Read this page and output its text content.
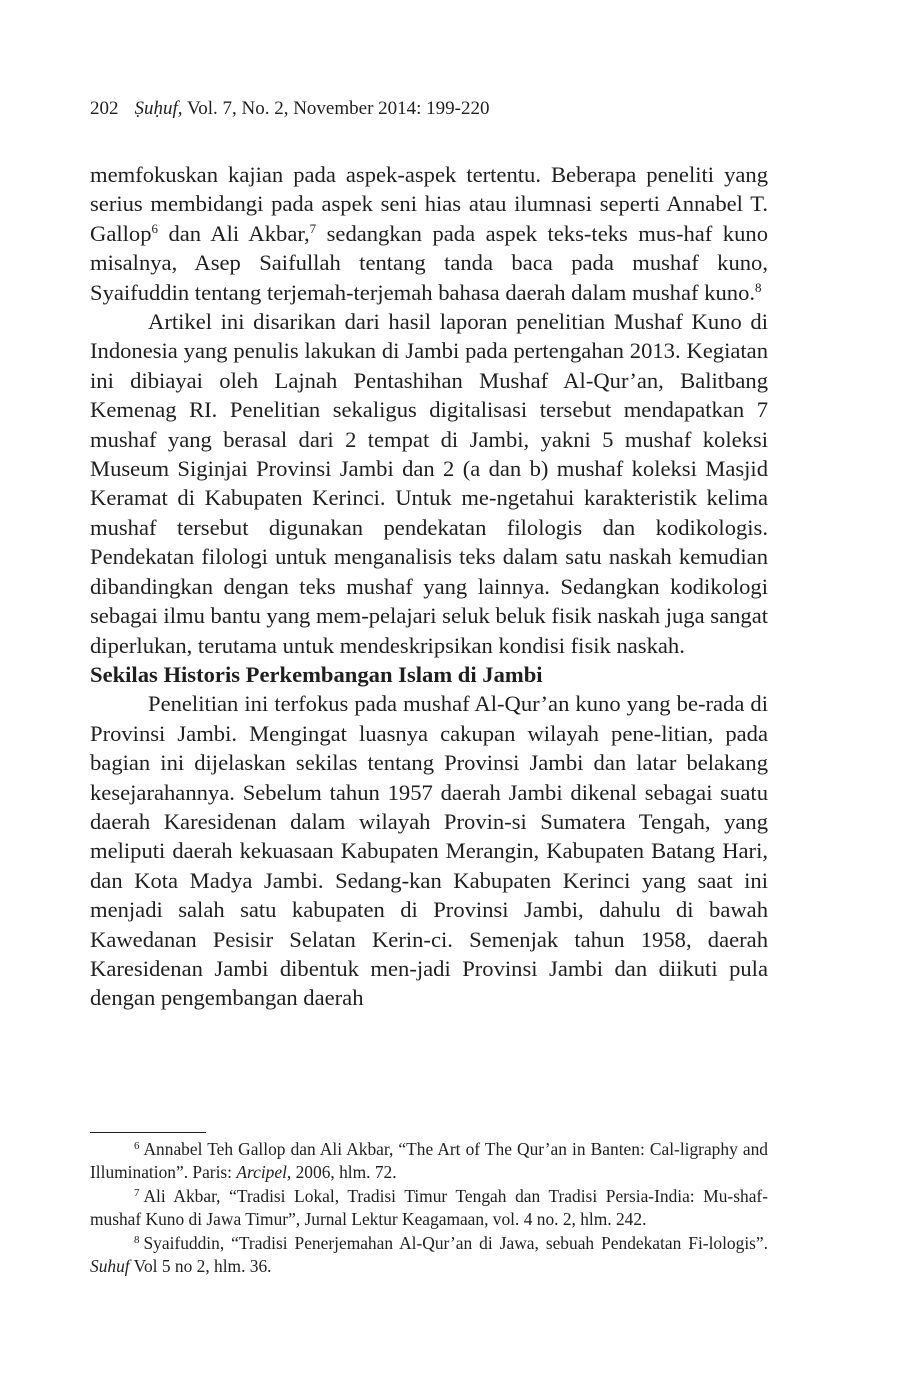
202 Ṣuḥuf, Vol. 7, No. 2, November 2014: 199-220

memfokuskan kajian pada aspek-aspek tertentu. Beberapa peneliti yang serius membidangi pada aspek seni hias atau ilumnasi seperti Annabel T. Gallop$^6$ dan Ali Akbar,$^7$ sedangkan pada aspek teks-teks mus-haf kuno misalnya, Asep Saifullah tentang tanda baca pada mushaf kuno, Syaifuddin tentang terjemah-terjemah bahasa daerah dalam mushaf kuno.$^8$

Artikel ini disarikan dari hasil laporan penelitian Mushaf Kuno di Indonesia yang penulis lakukan di Jambi pada pertengahan 2013. Kegiatan ini dibiayai oleh Lajnah Pentashihan Mushaf Al-Qur’an, Balitbang Kemenag RI. Penelitian sekaligus digitalisasi tersebut mendapatkan 7 mushaf yang berasal dari 2 tempat di Jambi, yakni 5 mushaf koleksi Museum Siginjai Provinsi Jambi dan 2 (a dan b) mushaf koleksi Masjid Keramat di Kabupaten Kerinci. Untuk me-ngetahui karakteristik kelima mushaf tersebut digunakan pendekatan filologis dan kodikologis. Pendekatan filologi untuk menganalisis teks dalam satu naskah kemudian dibandingkan dengan teks mushaf yang lainnya. Sedangkan kodikologi sebagai ilmu bantu yang mem-pelajari seluk beluk fisik naskah juga sangat diperlukan, terutama untuk mendeskripsikan kondisi fisik naskah.

Sekilas Historis Perkembangan Islam di Jambi

Penelitian ini terfokus pada mushaf Al-Qur’an kuno yang be-rada di Provinsi Jambi. Mengingat luasnya cakupan wilayah pene-litian, pada bagian ini dijelaskan sekilas tentang Provinsi Jambi dan latar belakang kesejarahannya. Sebelum tahun 1957 daerah Jambi dikenal sebagai suatu daerah Karesidenan dalam wilayah Provin-si Sumatera Tengah, yang meliputi daerah kekuasaan Kabupaten Merangin, Kabupaten Batang Hari, dan Kota Madya Jambi. Sedang-kan Kabupaten Kerinci yang saat ini menjadi salah satu kabupaten di Provinsi Jambi, dahulu di bawah Kawedanan Pesisir Selatan Kerin-ci. Semenjak tahun 1958, daerah Karesidenan Jambi dibentuk men-jadi Provinsi Jambi dan diikuti pula dengan pengembangan daerah

$^6$ Annabel Teh Gallop dan Ali Akbar, “The Art of The Qur’an in Banten: Cal-ligraphy and Illumination”. Paris: Arcipel, 2006, hlm. 72.

$^7$ Ali Akbar, “Tradisi Lokal, Tradisi Timur Tengah dan Tradisi Persia-India: Mu-shaf-mushaf Kuno di Jawa Timur”, Jurnal Lektur Keagamaan, vol. 4 no. 2, hlm. 242.

$^8$ Syaifuddin, “Tradisi Penerjemahan Al-Qur’an di Jawa, sebuah Pendekatan Fi-lologis”. Suhuf Vol 5 no 2, hlm. 36.
